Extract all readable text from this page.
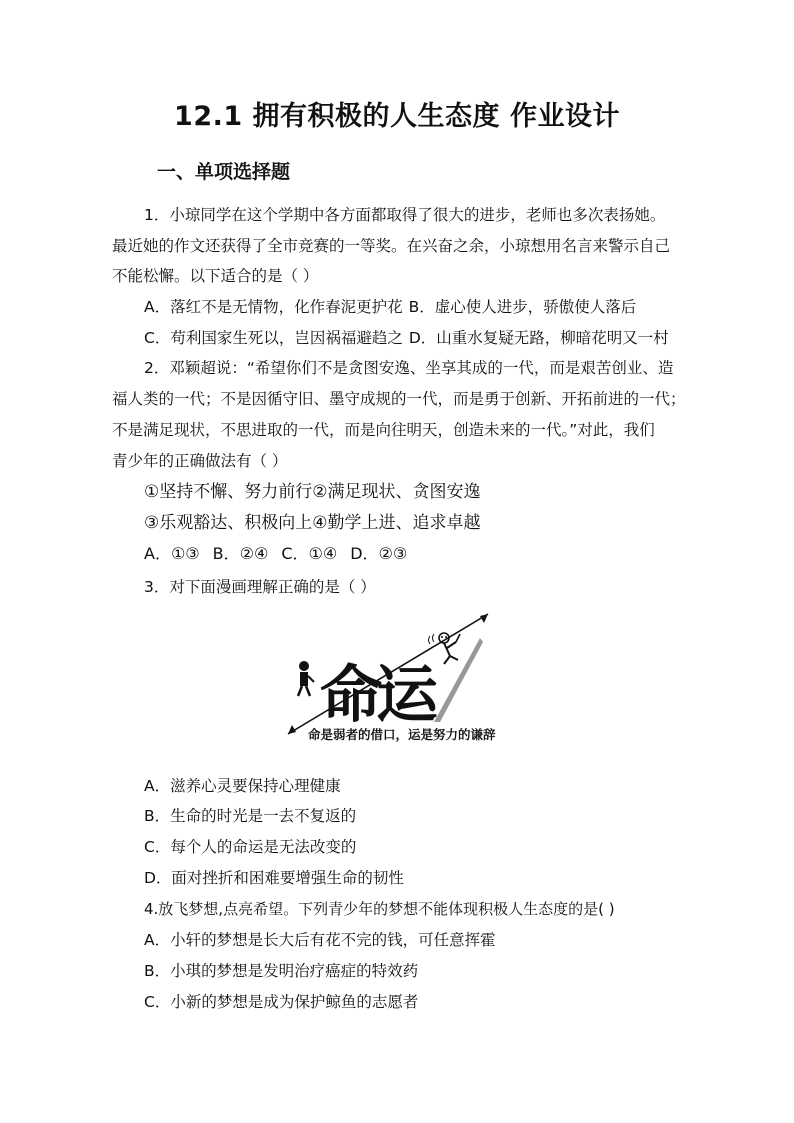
12.1 拥有积极的人生态度 作业设计
一、单项选择题
1．小琼同学在这个学期中各方面都取得了很大的进步，老师也多次表扬她。
最近她的作文还获得了全市竞赛的一等奖。在兴奋之余，小琼想用名言来警示自己
不能松懈。以下适合的是（ ）
A．落红不是无情物，化作春泥更护花 B．虚心使人进步，骄傲使人落后
C．苟利国家生死以，岂因祸福避趋之 D．山重水复疑无路，柳暗花明又一村
2．邓颖超说：“希望你们不是贪图安逸、坐享其成的一代，而是艰苦创业、造
福人类的一代；不是因循守旧、墨守成规的一代，而是勇于创新、开拓前进的一代；
不是满足现状，不思进取的一代，而是向往明天，创造未来的一代。”对此，我们
青少年的正确做法有（ ）
①坚持不懈、努力前行②满足现状、贪图安逸
③乐观豁达、积极向上④勤学上进、追求卓越
A．①③ B．②④ C．①④ D．②③
3．对下面漫画理解正确的是（ ）
命
运
命是弱者的借口，运是努力的谦辞
A．滋养心灵要保持心理健康
B．生命的时光是一去不复返的
C．每个人的命运是无法改变的
D．面对挫折和困难要增强生命的韧性
4.放飞梦想,点亮希望。下列青少年的梦想不能体现积极人生态度的是( )
A．小轩的梦想是长大后有花不完的钱，可任意挥霍
B．小琪的梦想是发明治疗癌症的特效药
C．小新的梦想是成为保护鲸鱼的志愿者
